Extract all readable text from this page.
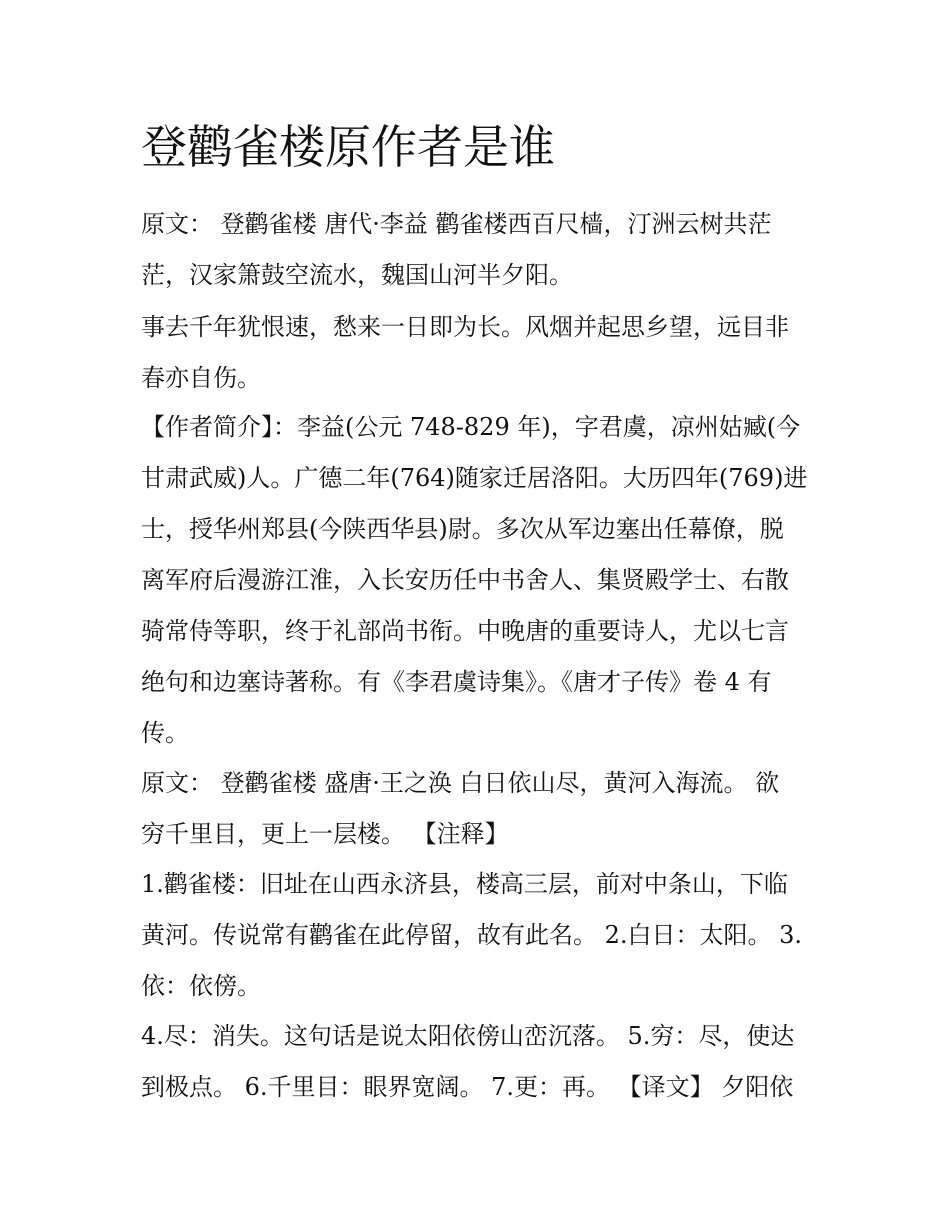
登鹳雀楼原作者是谁

原文： 登鹳雀楼 唐代·李益 鹳雀楼西百尺樯，汀洲云树共茫

茫，汉家箫鼓空流水，魏国山河半夕阳。

事去千年犹恨速，愁来一日即为长。风烟并起思乡望，远目非

春亦自伤。

【作者简介】：李益(公元 748-829 年)，字君虞，凉州姑臧(今

甘肃武威)人。广德二年(764)随家迁居洛阳。大历四年(769)进

士，授华州郑县(今陕西华县)尉。多次从军边塞出任幕僚，脱

离军府后漫游江淮，入长安历任中书舍人、集贤殿学士、右散

骑常侍等职，终于礼部尚书衔。中晚唐的重要诗人，尤以七言

绝句和边塞诗著称。有《李君虞诗集》。《唐才子传》卷 4 有

传。

原文： 登鹳雀楼 盛唐·王之涣 白日依山尽，黄河入海流。 欲

穷千里目，更上一层楼。 【注释】

1.鹳雀楼：旧址在山西永济县，楼高三层，前对中条山，下临

黄河。传说常有鹳雀在此停留，故有此名。 2.白日：太阳。 3.

依：依傍。

4.尽：消失。这句话是说太阳依傍山峦沉落。 5.穷：尽，使达

到极点。 6.千里目：眼界宽阔。 7.更：再。 【译文】 夕阳依
